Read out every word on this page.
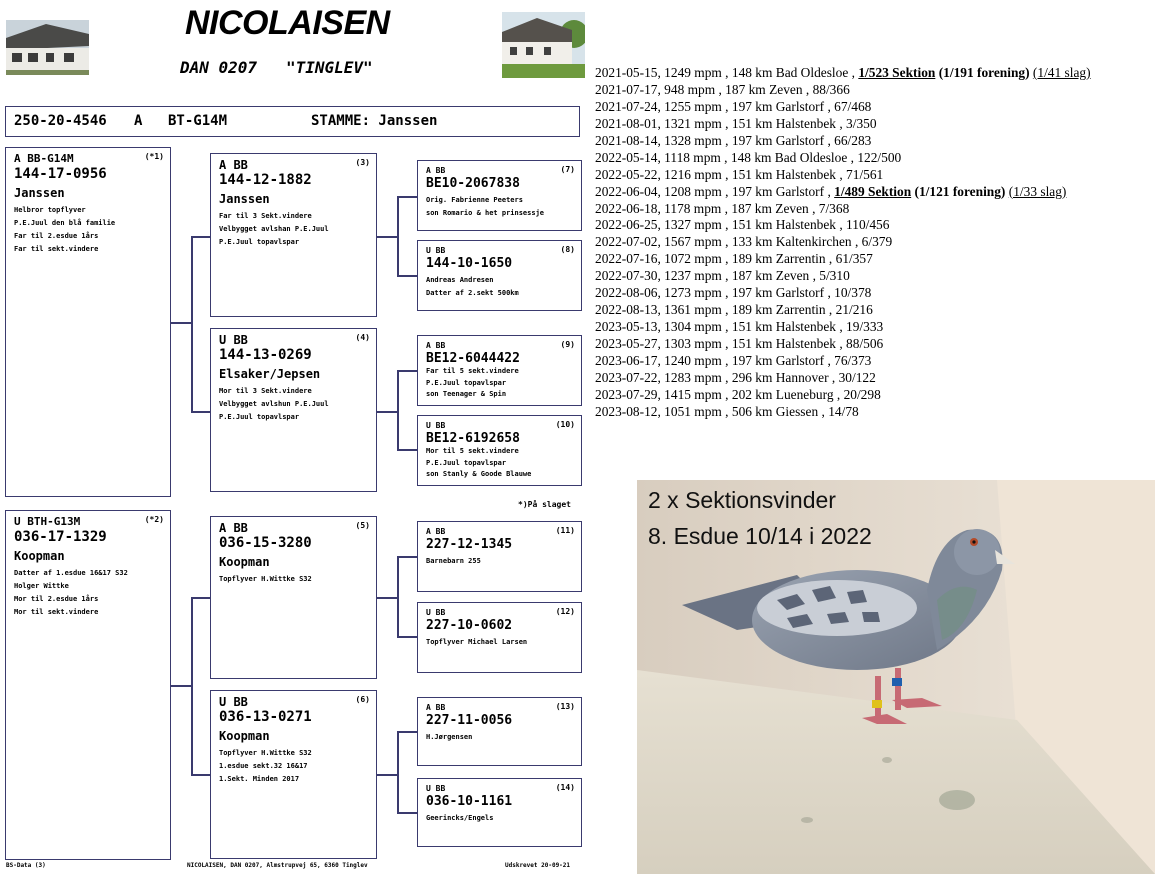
NICOLAISEN
DAN 0207   "TINGLEV"
250-20-4546 A BT-G14M	STAMME: Janssen
A BB-G14M	(*1)
144-17-0956
Janssen
Helbror topflyver
P.E.Juul den blå familie
Far til 2.esdue 1års
Far til sekt.vindere
U BTH-G13M	(*2)
036-17-1329
Koopman
Datter af 1.esdue 16&17 S32
Holger Wittke
Mor til 2.esdue 1års
Mor til sekt.vindere
A BB	(3)
144-12-1882
Janssen
Far til 3 Sekt.vindere
Velbygget avlshan P.E.Juul
P.E.Juul topavlspar
U BB	(4)
144-13-0269
Elsaker/Jepsen
Mor til 3 Sekt.vindere
Velbygget avlshun P.E.Juul
P.E.Juul topavlspar
A BB	(5)
036-15-3280
Koopman
Topflyver H.Wittke S32
U BB	(6)
036-13-0271
Koopman
Topflyver H.Wittke S32
1.esdue sekt.32 16&17
1.Sekt. Minden 2017
A BB	(7)
BE10-2067838
Orig. Fabrienne Peeters
son Romario & het prinsessje
U BB	(8)
144-10-1650
Andreas Andresen
Datter af 2.sekt 500km
A BB	(9)
BE12-6044422
Far til 5 sekt.vindere
P.E.Juul topavlspar
son Teenager & Spin
U BB	(10)
BE12-6192658
Mor til 5 sekt.vindere
P.E.Juul topavlspar
son Stanly & Goode Blauwe
*)På slaget
A BB	(11)
227-12-1345
Barnebarn 255
U BB	(12)
227-10-0602
Topflyver Michael Larsen
A BB	(13)
227-11-0056
H.Jørgensen
U BB	(14)
036-10-1161
Geerincks/Engels
BS-Data (3)	NICOLAISEN, DAN 0207, Almstrupvej 65, 6360 Tinglev	Udskrevet 20-09-21
2021-05-15, 1249 mpm , 148 km Bad Oldesloe , 1/523 Sektion (1/191 forening) (1/41 slag)
2021-07-17, 948 mpm , 187 km Zeven , 88/366
2021-07-24, 1255 mpm , 197 km Garlstorf , 67/468
2021-08-01, 1321 mpm , 151 km Halstenbek , 3/350
2021-08-14, 1328 mpm , 197 km Garlstorf , 66/283
2022-05-14, 1118 mpm , 148 km Bad Oldesloe , 122/500
2022-05-22, 1216 mpm , 151 km Halstenbek , 71/561
2022-06-04, 1208 mpm , 197 km Garlstorf , 1/489 Sektion (1/121 forening) (1/33 slag)
2022-06-18, 1178 mpm , 187 km Zeven , 7/368
2022-06-25, 1327 mpm , 151 km Halstenbek , 110/456
2022-07-02, 1567 mpm , 133 km Kaltenkirchen , 6/379
2022-07-16, 1072 mpm , 189 km Zarrentin , 61/357
2022-07-30, 1237 mpm , 187 km Zeven , 5/310
2022-08-06, 1273 mpm , 197 km Garlstorf , 10/378
2022-08-13, 1361 mpm , 189 km Zarrentin , 21/216
2023-05-13, 1304 mpm , 151 km Halstenbek , 19/333
2023-05-27, 1303 mpm , 151 km Halstenbek , 88/506
2023-06-17, 1240 mpm , 197 km Garlstorf , 76/373
2023-07-22, 1283 mpm , 296 km Hannover , 30/122
2023-07-29, 1415 mpm , 202 km Lueneburg , 20/298
2023-08-12, 1051 mpm , 506 km Giessen , 14/78
2 x Sektionsvinder
8. Esdue 10/14 i 2022
